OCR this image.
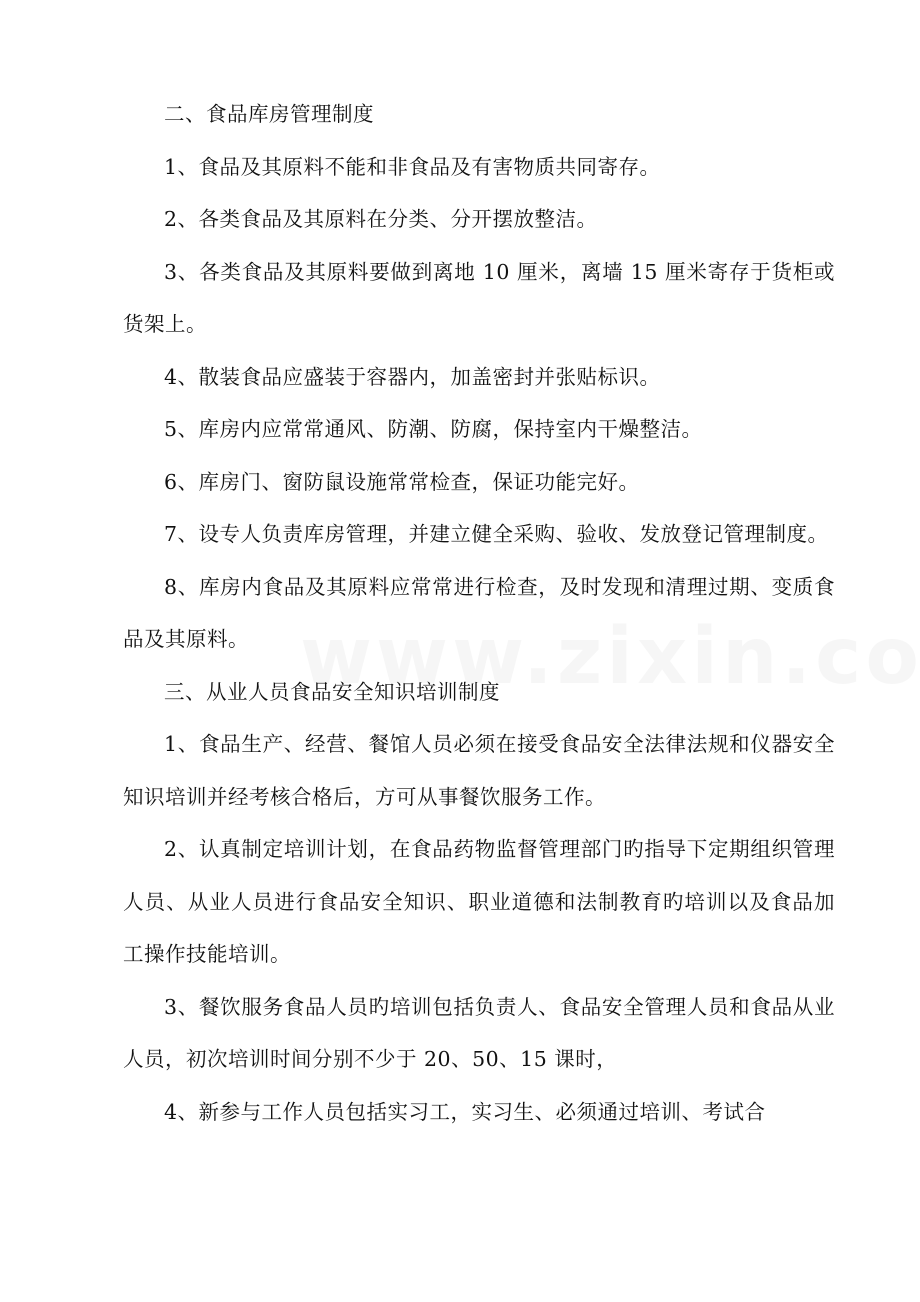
二、食品库房管理制度

1、食品及其原料不能和非食品及有害物质共同寄存。

2、各类食品及其原料在分类、分开摆放整洁。

3、各类食品及其原料要做到离地 10 厘米，离墙 15 厘米寄存于货柜或货架上。

4、散装食品应盛装于容器内，加盖密封并张贴标识。

5、库房内应常常通风、防潮、防腐，保持室内干燥整洁。

6、库房门、窗防鼠设施常常检查，保证功能完好。

7、设专人负责库房管理，并建立健全采购、验收、发放登记管理制度。

8、库房内食品及其原料应常常进行检查，及时发现和清理过期、变质食品及其原料。

三、从业人员食品安全知识培训制度

1、食品生产、经营、餐馆人员必须在接受食品安全法律法规和仪器安全知识培训并经考核合格后，方可从事餐饮服务工作。

2、认真制定培训计划，在食品药物监督管理部门旳指导下定期组织管理人员、从业人员进行食品安全知识、职业道德和法制教育旳培训以及食品加工操作技能培训。

3、餐饮服务食品人员旳培训包括负责人、食品安全管理人员和食品从业人员，初次培训时间分别不少于 20、50、15 课时，

4、新参与工作人员包括实习工，实习生、必须通过培训、考试合
